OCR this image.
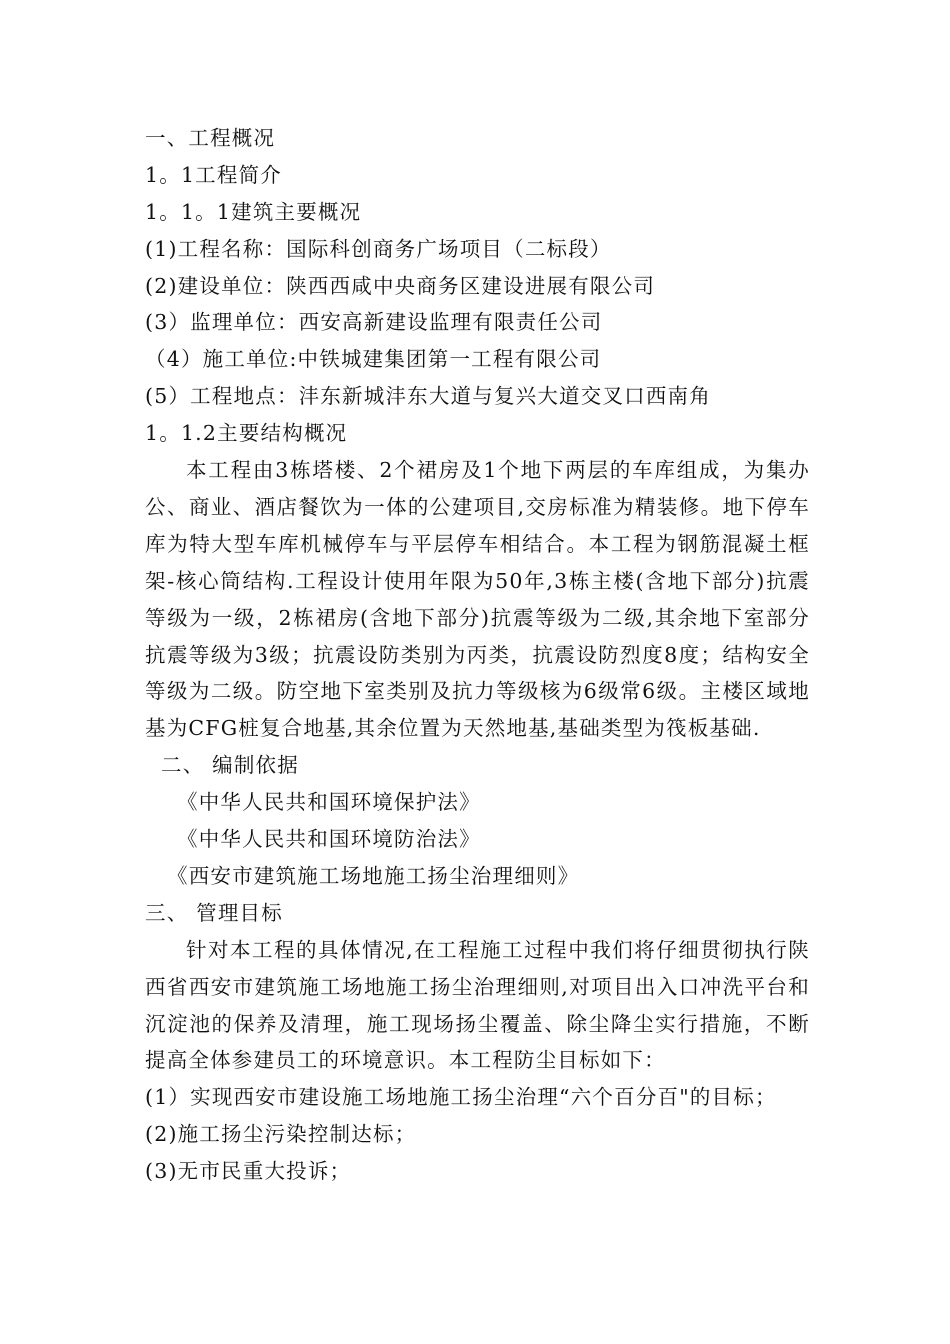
一、工程概况
1。1工程简介
1。1。1建筑主要概况
(1)工程名称：国际科创商务广场项目（二标段）
(2)建设单位：陕西西咸中央商务区建设进展有限公司
(3）监理单位：西安高新建设监理有限责任公司
（4）施工单位:中铁城建集团第一工程有限公司
(5）工程地点：沣东新城沣东大道与复兴大道交叉口西南角
1。1.2主要结构概况

本工程由3栋塔楼、2个裙房及1个地下两层的车库组成，为集办公、商业、酒店餐饮为一体的公建项目,交房标准为精装修。地下停车库为特大型车库机械停车与平层停车相结合。本工程为钢筋混凝土框架-核心筒结构.工程设计使用年限为50年,3栋主楼(含地下部分)抗震等级为一级，2栋裙房(含地下部分)抗震等级为二级,其余地下室部分抗震等级为3级；抗震设防类别为丙类，抗震设防烈度8度；结构安全等级为二级。防空地下室类别及抗力等级核为6级常6级。主楼区域地基为CFG桩复合地基,其余位置为天然地基,基础类型为筏板基础.

二、 编制依据
《中华人民共和国环境保护法》
《中华人民共和国环境防治法》
《西安市建筑施工场地施工扬尘治理细则》
三、 管理目标

针对本工程的具体情况,在工程施工过程中我们将仔细贯彻执行陕西省西安市建筑施工场地施工扬尘治理细则,对项目出入口冲洗平台和沉淀池的保养及清理，施工现场扬尘覆盖、除尘降尘实行措施，不断提高全体参建员工的环境意识。本工程防尘目标如下：

(1）实现西安市建设施工场地施工扬尘治理“六个百分百"的目标；
(2)施工扬尘污染控制达标；
(3)无市民重大投诉；
